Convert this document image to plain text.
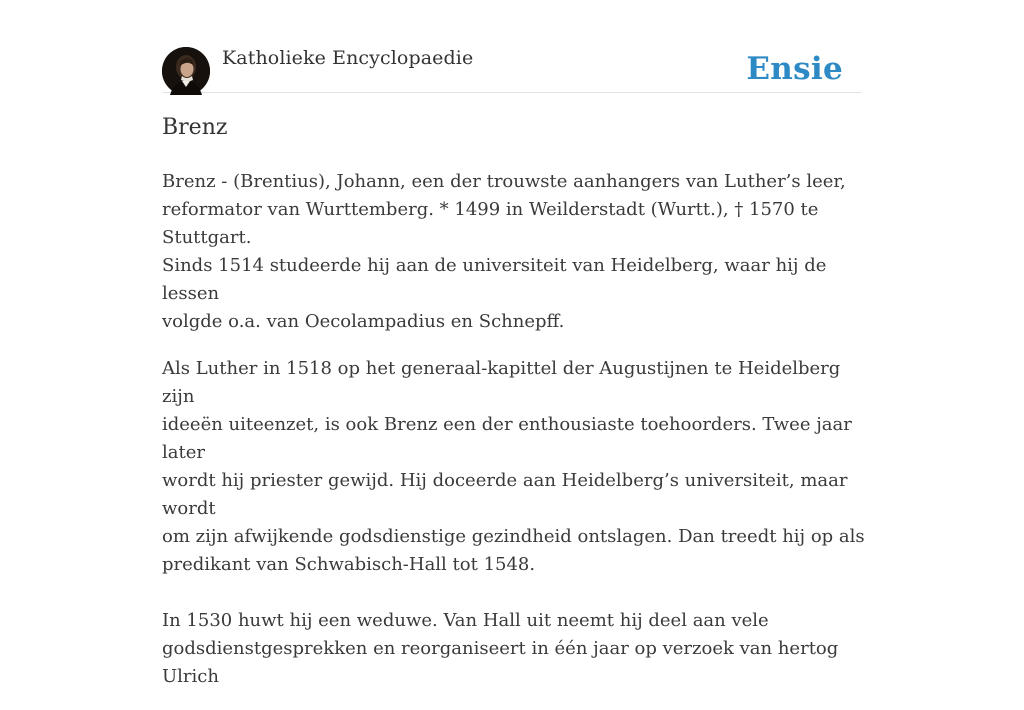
Katholieke Encyclopaedie	Ensie
Brenz

Brenz - (Brentius), Johann, een der trouwste aanhangers van Luther’s leer,
reformator van Wurttemberg. * 1499 in Weilderstadt (Wurtt.), † 1570 te Stuttgart.
Sinds 1514 studeerde hij aan de universiteit van Heidelberg, waar hij de lessen
volgde o.a. van Oecolampadius en Schnepff.

Als Luther in 1518 op het generaal-kapittel der Augustijnen te Heidelberg zijn
ideeën uiteenzet, is ook Brenz een der enthousiaste toehoorders. Twee jaar later
wordt hij priester gewijd. Hij doceerde aan Heidelberg’s universiteit, maar wordt
om zijn afwijkende godsdienstige gezindheid ontslagen. Dan treedt hij op als
predikant van Schwabisch-Hall tot 1548.

In 1530 huwt hij een weduwe. Van Hall uit neemt hij deel aan vele
godsdienstgesprekken en reorganiseert in één jaar op verzoek van hertog Ulrich
